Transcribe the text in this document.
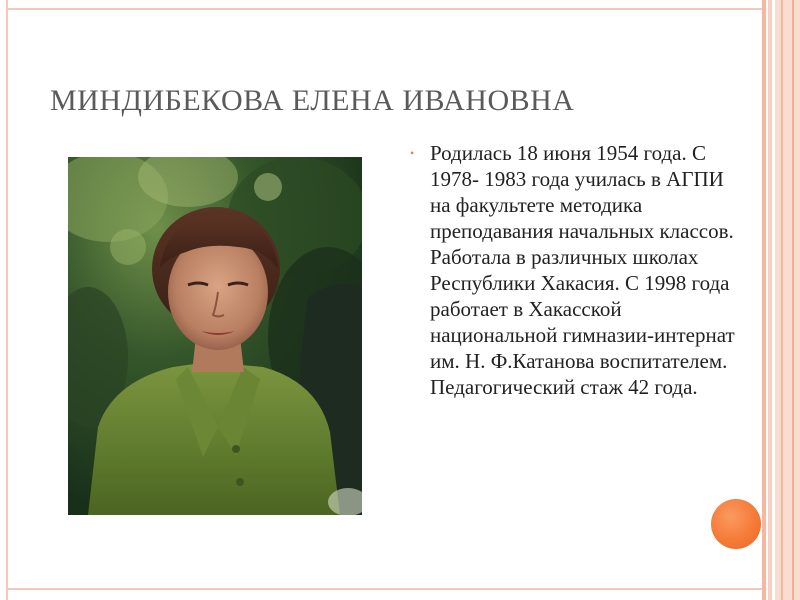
МИНДИБЕКОВА ЕЛЕНА ИВАНОВНА
• Родилась 18 июня 1954 года. С 1978- 1983 года училась в АГПИ на факультете методика преподавания начальных классов. Работала в различных школах Республики Хакасия. С 1998 года работает в Хакасской национальной гимназии-интернат им. Н. Ф.Катанова воспитателем. Педагогический стаж 42 года.
